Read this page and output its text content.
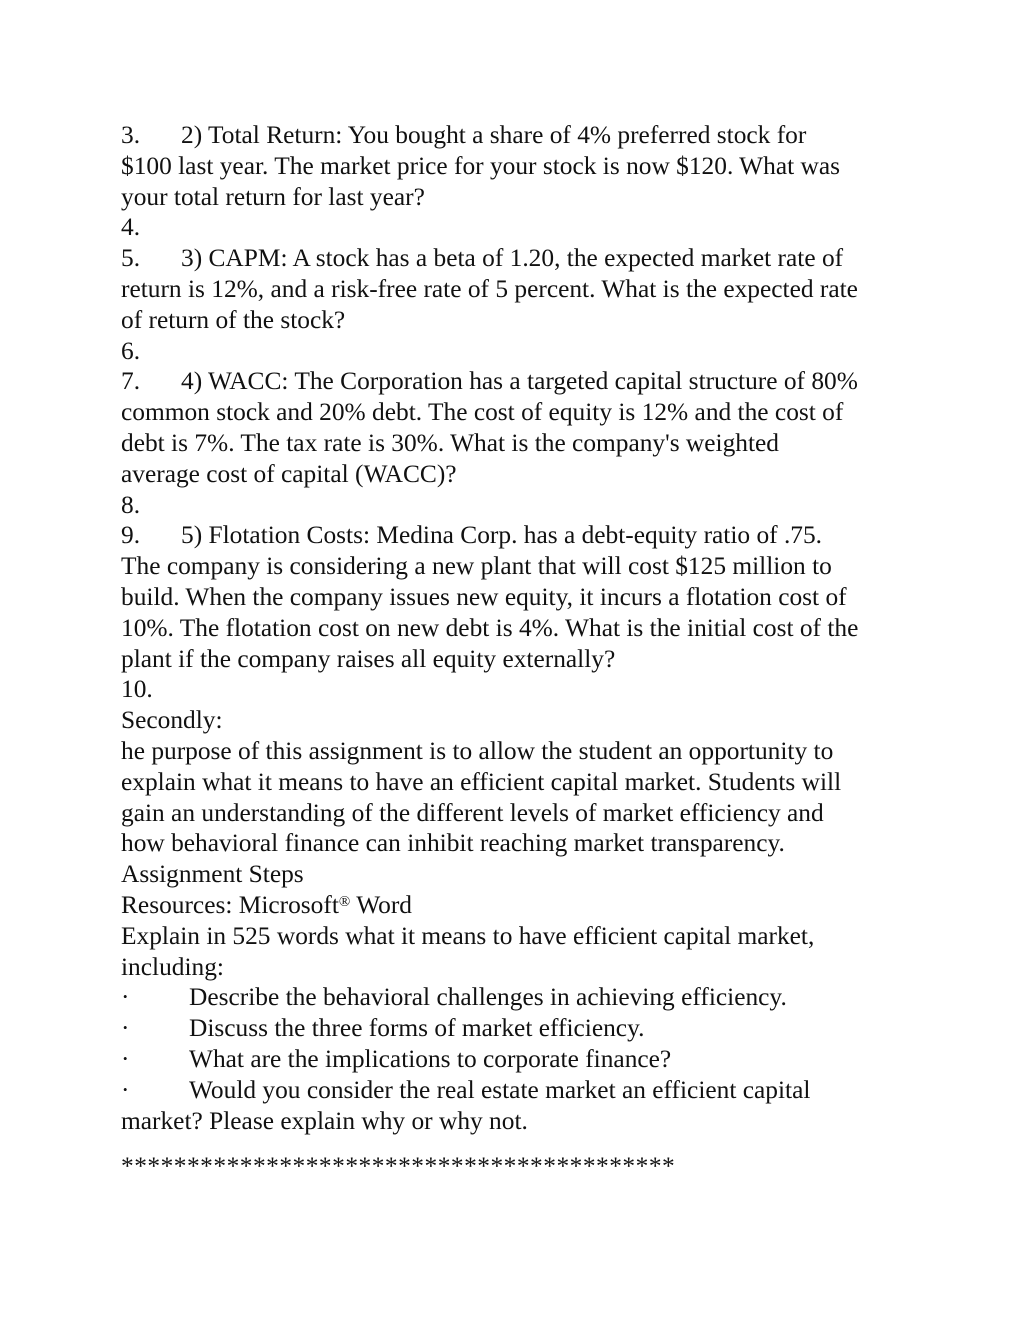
3. 2) Total Return: You bought a share of 4% preferred stock for
$100 last year. The market price for your stock is now $120. What was
your total return for last year?
4.
5. 3) CAPM: A stock has a beta of 1.20, the expected market rate of
return is 12%, and a risk-free rate of 5 percent. What is the expected rate
of return of the stock?
6.
7. 4) WACC: The Corporation has a targeted capital structure of 80%
common stock and 20% debt. The cost of equity is 12% and the cost of
debt is 7%. The tax rate is 30%. What is the company's weighted
average cost of capital (WACC)?
8.
9. 5) Flotation Costs: Medina Corp. has a debt-equity ratio of .75.
The company is considering a new plant that will cost $125 million to
build. When the company issues new equity, it incurs a flotation cost of
10%. The flotation cost on new debt is 4%. What is the initial cost of the
plant if the company raises all equity externally?
10.
Secondly:
he purpose of this assignment is to allow the student an opportunity to
explain what it means to have an efficient capital market. Students will
gain an understanding of the different levels of market efficiency and
how behavioral finance can inhibit reaching market transparency.
Assignment Steps
Resources: Microsoft® Word
Explain in 525 words what it means to have efficient capital market,
including:
· Describe the behavioral challenges in achieving efficiency.
· Discuss the three forms of market efficiency.
· What are the implications to corporate finance?
· Would you consider the real estate market an efficient capital
market? Please explain why or why not.
******************************************
